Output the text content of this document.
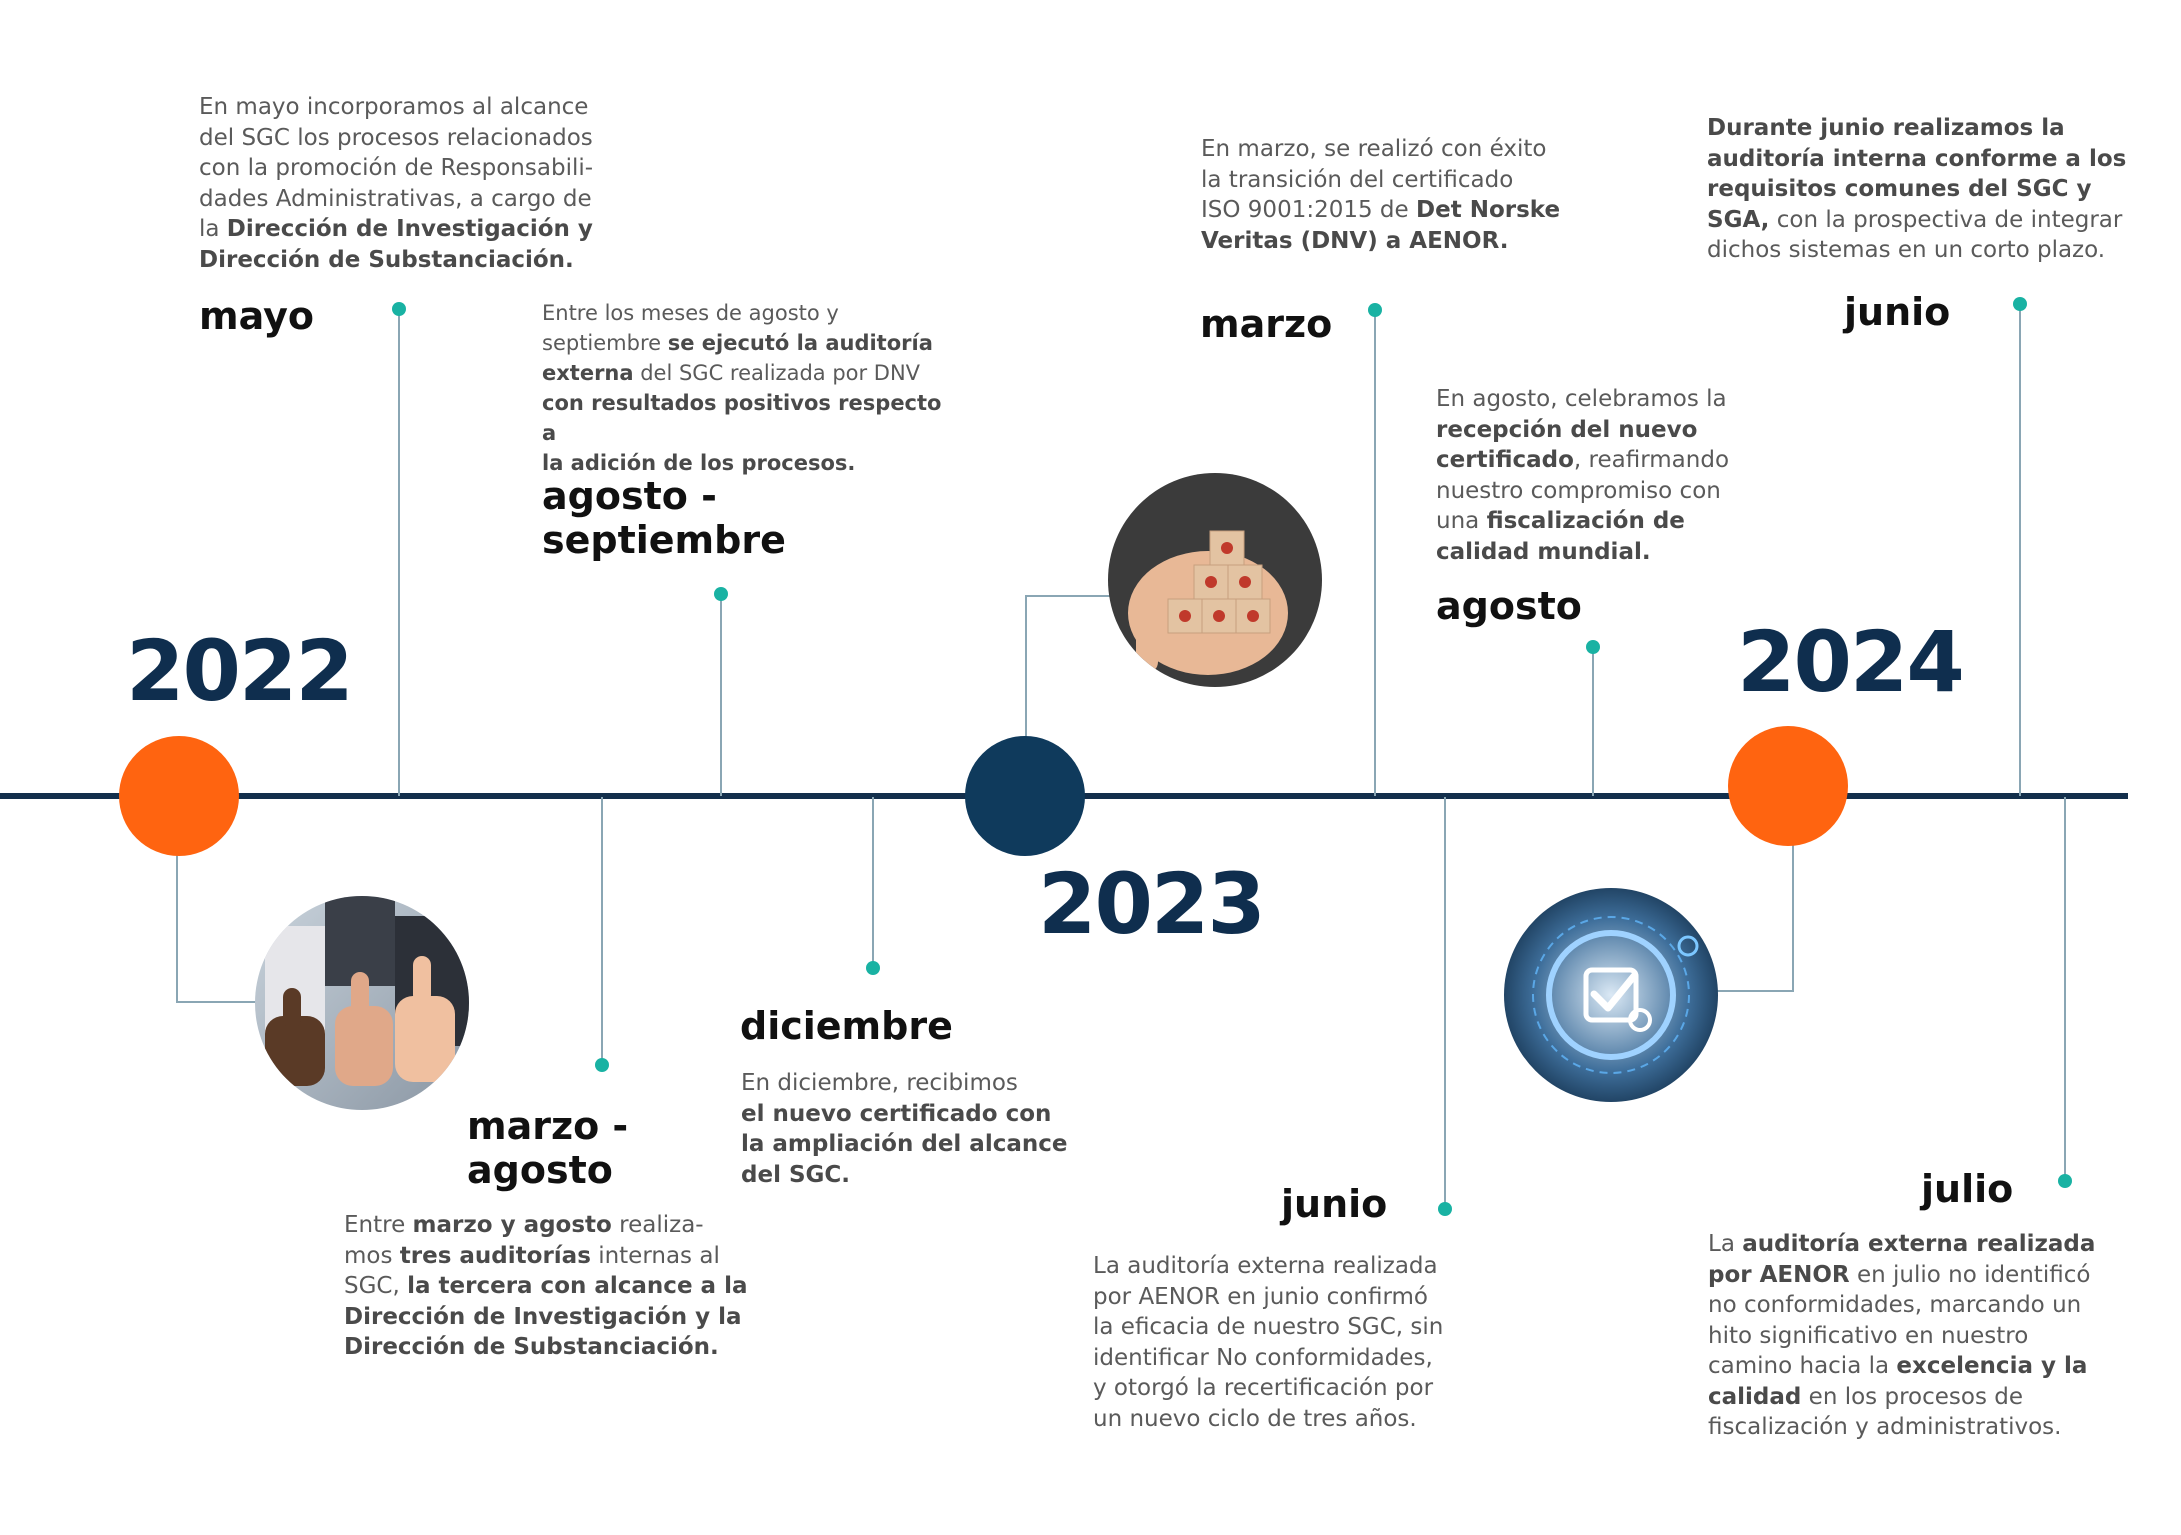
2022
2023
2024
mayo
agosto -
septiembre
marzo -
agosto
diciembre
marzo
agosto
junio
junio
julio
En mayo incorporamos al alcance
del SGC los procesos relacionados
con la promoción de Responsabili-
dades Administrativas, a cargo de
la Dirección de Investigación y
Dirección de Substanciación.
Entre los meses de agosto y
septiembre se ejecutó la auditoría
externa del SGC realizada por DNV
con resultados positivos respecto a
la adición de los procesos.
Entre marzo y agosto realiza-
mos tres auditorías internas al
SGC, la tercera con alcance a la
Dirección de Investigación y la
Dirección de Substanciación.
En diciembre, recibimos
el nuevo certificado con
la ampliación del alcance
del SGC.
En marzo, se realizó con éxito
la transición del certificado
ISO 9001:2015 de Det Norske
Veritas (DNV) a AENOR.
En agosto, celebramos la
recepción del nuevo
certificado, reafirmando
nuestro compromiso con
una fiscalización de
calidad mundial.
La auditoría externa realizada
por AENOR en junio confirmó
la eficacia de nuestro SGC, sin
identificar No conformidades,
y otorgó la recertificación por
un nuevo ciclo de tres años.
Durante junio realizamos la
auditoría interna conforme a los
requisitos comunes del SGC y
SGA, con la prospectiva de integrar
dichos sistemas en un corto plazo.
La auditoría externa realizada
por AENOR en julio no identificó
no conformidades, marcando un
hito significativo en nuestro
camino hacia la excelencia y la
calidad en los procesos de
fiscalización y administrativos.
